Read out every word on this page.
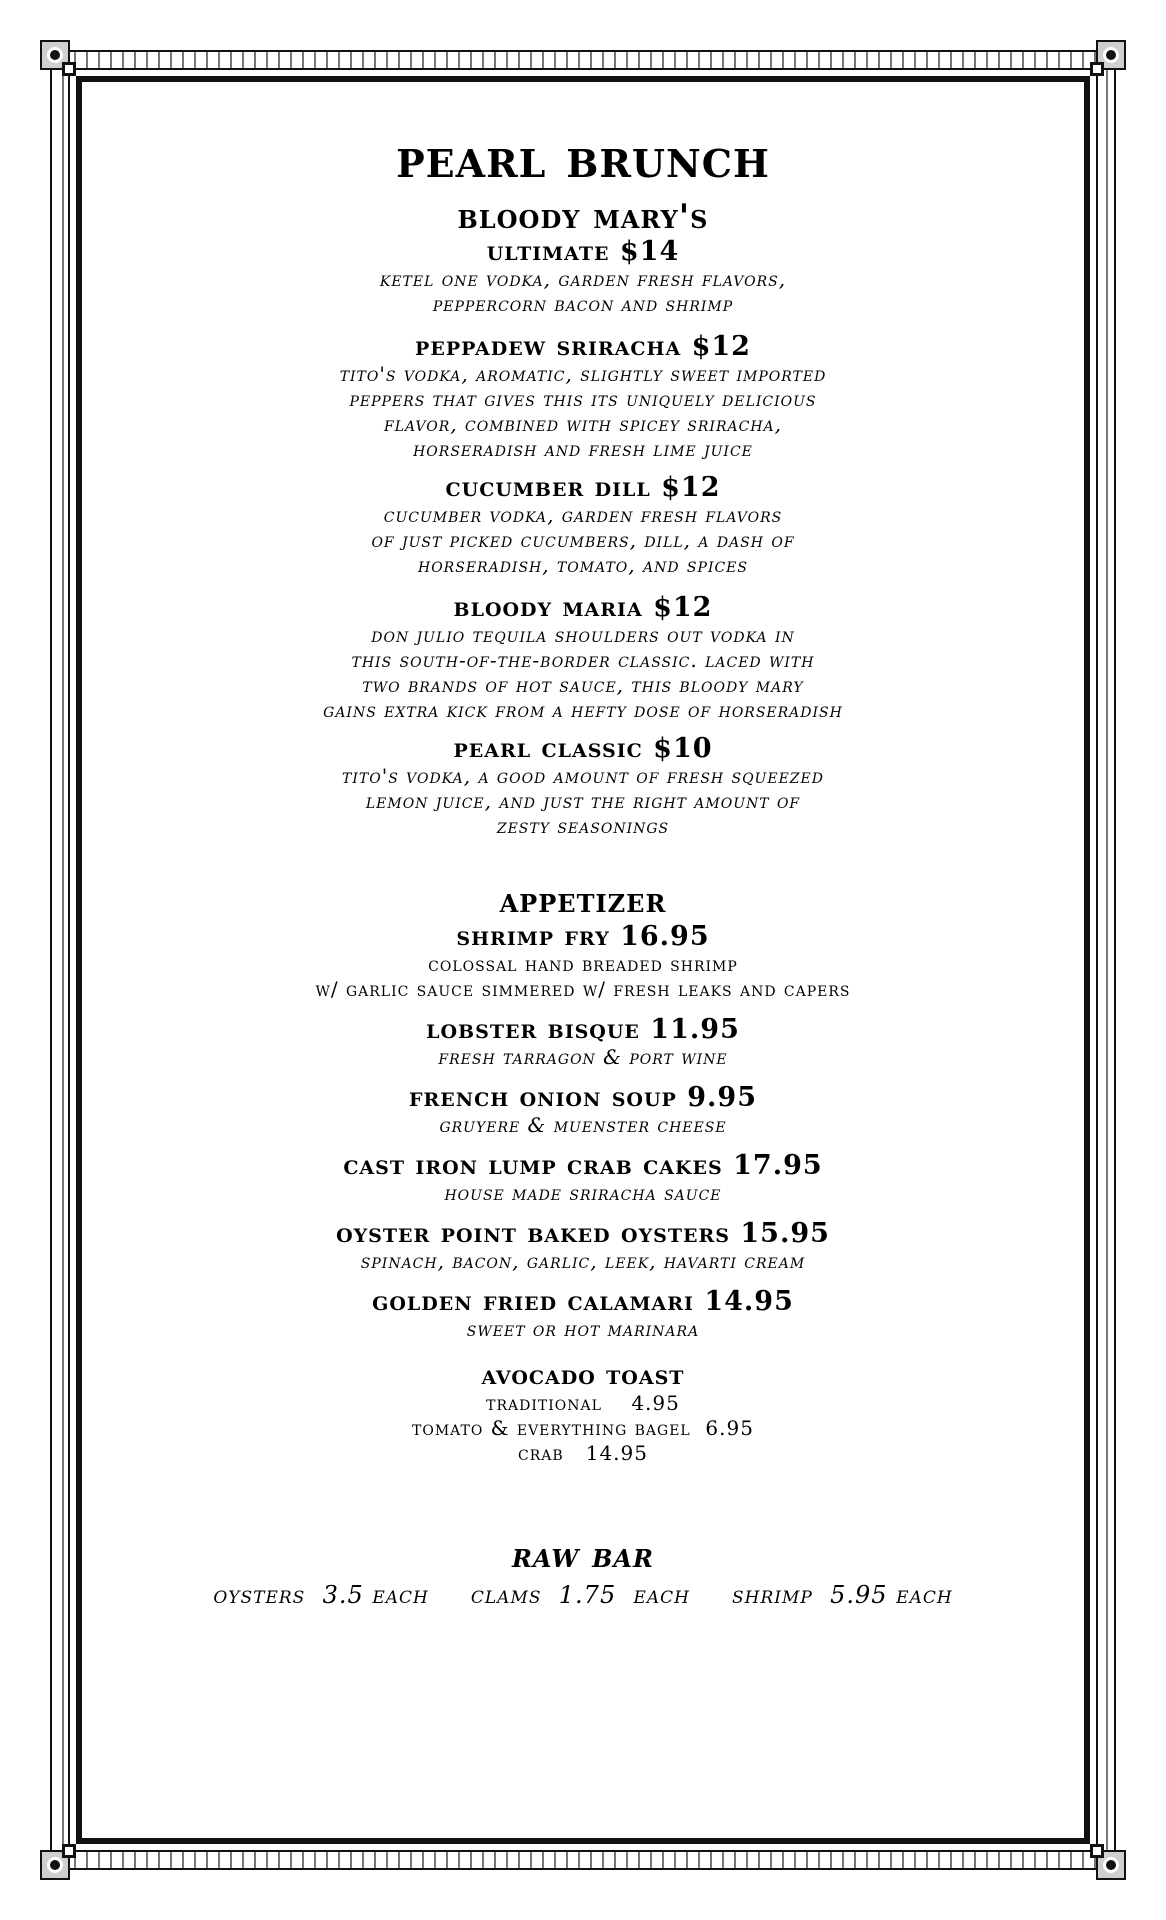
pearl brunch
bloody mary's
ultimate $14

ketel one vodka, garden fresh flavors,

peppercorn bacon and shrimp

peppadew sriracha $12

tito's vodka, aromatic, slightly sweet imported

peppers that gives this its uniquely delicious

flavor, combined with spicey sriracha,

horseradish and fresh lime juice

cucumber dill $12

cucumber vodka, garden fresh flavors

of just picked cucumbers, dill, a dash of

horseradish, tomato, and spices

bloody maria $12

don julio tequila shoulders out vodka in

this south-of-the-border classic. laced with

two brands of hot sauce, this bloody mary

gains extra kick from a hefty dose of horseradish

pearl classic $10

tito's vodka, a good amount of fresh squeezed

lemon juice, and just the right amount of

zesty seasonings

appetizer
shrimp fry 16.95

colossal hand breaded shrimp

w/ garlic sauce simmered w/ fresh leaks and capers

lobster bisque 11.95

fresh tarragon & port wine

french onion soup 9.95

gruyere & muenster cheese

cast iron lump crab cakes 17.95

house made sriracha sauce

oyster point baked oysters 15.95

spinach, bacon, garlic, leek, havarti cream

golden fried calamari 14.95

sweet or hot marinara

avocado toast

traditional    4.95

tomato & everything bagel  6.95

crab   14.95

raw bar
oysters  3.5 each clams  1.75  each shrimp  5.95 each
